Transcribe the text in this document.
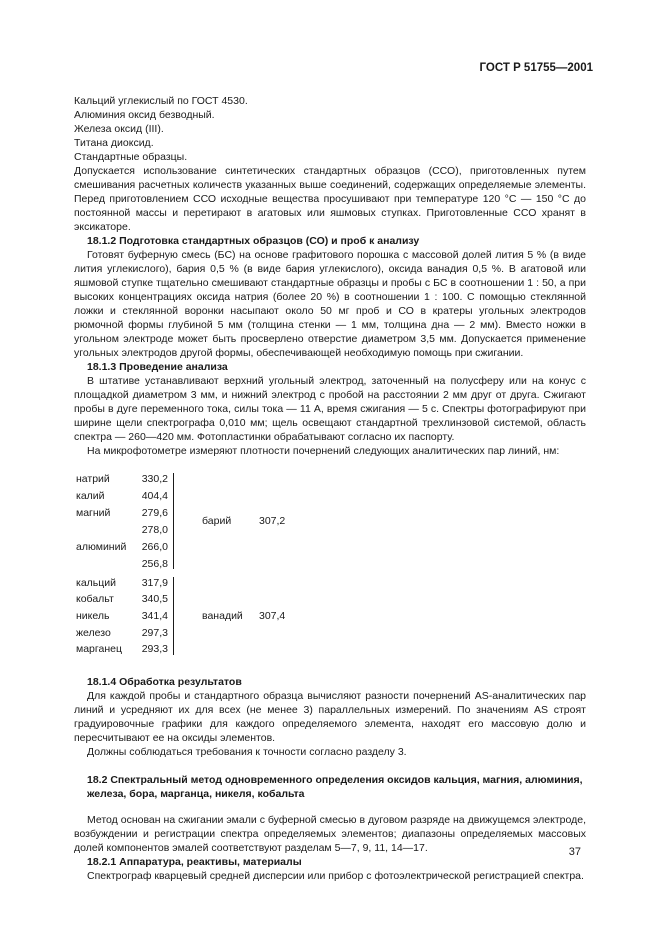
ГОСТ Р 51755—2001

Кальций углекислый по ГОСТ 4530.

Алюминия оксид безводный.

Железа оксид (III).

Титана диоксид.

Стандартные образцы.

Допускается использование синтетических стандартных образцов (ССО), приготовленных путем смешивания расчетных количеств указанных выше соединений, содержащих определяемые элементы. Перед приготовлением ССО исходные вещества просушивают при температуре 120 °С — 150 °С до постоянной массы и перетирают в агатовых или яшмовых ступках. Приготовленные ССО хранят в эксикаторе.

18.1.2 Подготовка стандартных образцов (СО) и проб к анализу

Готовят буферную смесь (БС) на основе графитового порошка с массовой долей лития 5 % (в виде лития углекислого), бария 0,5 % (в виде бария углекислого), оксида ванадия 0,5 %. В агатовой или яшмовой ступке тщательно смешивают стандартные образцы и пробы с БС в соотношении 1 : 50, а при высоких концентрациях оксида натрия (более 20 %) в соотношении 1 : 100. С помощью стеклянной ложки и стеклянной воронки насыпают около 50 мг проб и СО в кратеры угольных электродов рюмочной формы глубиной 5 мм (толщина стенки — 1 мм, толщина дна — 2 мм). Вместо ножки в угольном электроде может быть просверлено отверстие диаметром 3,5 мм. Допускается применение угольных электродов другой формы, обеспечивающей необходимую помощь при сжигании.

18.1.3 Проведение анализа

В штативе устанавливают верхний угольный электрод, заточенный на полусферу или на конус с площадкой диаметром 3 мм, и нижний электрод с пробой на расстоянии 2 мм друг от друга. Сжигают пробы в дуге переменного тока, силы тока — 11 А, время сжигания — 5 с. Спектры фотографируют при ширине щели спектрографа 0,010 мм; щель освещают стандартной трехлинзовой системой, область спектра — 260—420 мм. Фотопластинки обрабатывают согласно их паспорту.

На микрофотометре измеряют плотности почернений следующих аналитических пар линий, нм:

натрий	330,2
калий	404,4
магний	279,6
278,0
алюминий	266,0
256,8
барий	307,2
кальций	317,9
кобальт	340,5
никель	341,4
железо	297,3
марганец	293,3
ванадий 307,4

18.1.4 Обработка результатов

Для каждой пробы и стандартного образца вычисляют разности почернений AS-аналитических пар линий и усредняют их для всех (не менее 3) параллельных измерений. По значениям AS строят градуировочные графики для каждого определяемого элемента, находят его массовую долю и пересчитывают ее на оксиды элементов.

Должны соблюдаться требования к точности согласно разделу 3.

18.2 Спектральный метод одновременного определения оксидов кальция, магния, алюминия, железа, бора, марганца, никеля, кобальта

Метод основан на сжигании эмали с буферной смесью в дуговом разряде на движущемся электроде, возбуждении и регистрации спектра определяемых элементов; диапазоны определяемых массовых долей компонентов эмалей соответствуют разделам 5—7, 9, 11, 14—17.

18.2.1 Аппаратура, реактивы, материалы

Спектрограф кварцевый средней дисперсии или прибор с фотоэлектрической регистрацией спектра.

37
